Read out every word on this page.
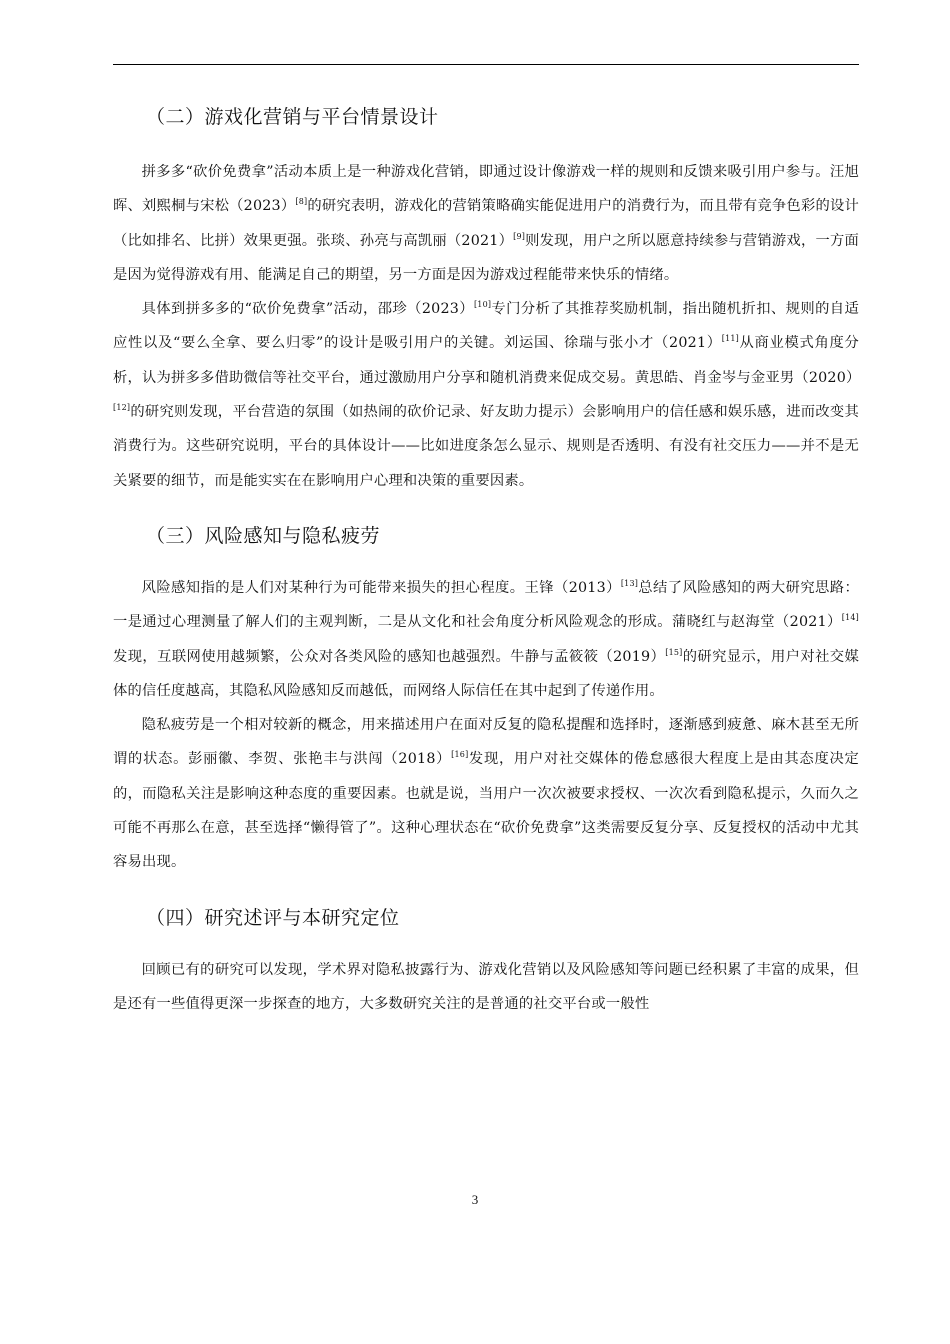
（二）游戏化营销与平台情景设计

拼多多“砍价免费拿”活动本质上是一种游戏化营销，即通过设计像游戏一样的规则和反馈来吸引用户参与。汪旭晖、刘熙桐与宋松（2023）[8]的研究表明，游戏化的营销策略确实能促进用户的消费行为，而且带有竞争色彩的设计（比如排名、比拼）效果更强。张琰、孙亮与高凯丽（2021）[9]则发现，用户之所以愿意持续参与营销游戏，一方面是因为觉得游戏有用、能满足自己的期望，另一方面是因为游戏过程能带来快乐的情绪。

具体到拼多多的“砍价免费拿”活动，邵珍（2023）[10]专门分析了其推荐奖励机制，指出随机折扣、规则的自适应性以及“要么全拿、要么归零”的设计是吸引用户的关键。刘运国、徐瑞与张小才（2021）[11]从商业模式角度分析，认为拼多多借助微信等社交平台，通过激励用户分享和随机消费来促成交易。黄思皓、肖金岑与金亚男（2020）[12]的研究则发现，平台营造的氛围（如热闹的砍价记录、好友助力提示）会影响用户的信任感和娱乐感，进而改变其消费行为。这些研究说明，平台的具体设计——比如进度条怎么显示、规则是否透明、有没有社交压力——并不是无关紧要的细节，而是能实实在在影响用户心理和决策的重要因素。

（三）风险感知与隐私疲劳

风险感知指的是人们对某种行为可能带来损失的担心程度。王锋（2013）[13]总结了风险感知的两大研究思路：一是通过心理测量了解人们的主观判断，二是从文化和社会角度分析风险观念的形成。蒲晓红与赵海堂（2021）[14]发现，互联网使用越频繁，公众对各类风险的感知也越强烈。牛静与孟筱筱（2019）[15]的研究显示，用户对社交媒体的信任度越高，其隐私风险感知反而越低，而网络人际信任在其中起到了传递作用。

隐私疲劳是一个相对较新的概念，用来描述用户在面对反复的隐私提醒和选择时，逐渐感到疲惫、麻木甚至无所谓的状态。彭丽徽、李贺、张艳丰与洪闯（2018）[16]发现，用户对社交媒体的倦怠感很大程度上是由其态度决定的，而隐私关注是影响这种态度的重要因素。也就是说，当用户一次次被要求授权、一次次看到隐私提示，久而久之可能不再那么在意，甚至选择“懒得管了”。这种心理状态在“砍价免费拿”这类需要反复分享、反复授权的活动中尤其容易出现。

（四）研究述评与本研究定位

回顾已有的研究可以发现，学术界对隐私披露行为、游戏化营销以及风险感知等问题已经积累了丰富的成果，但是还有一些值得更深一步探查的地方，大多数研究关注的是普通的社交平台或一般性

3
